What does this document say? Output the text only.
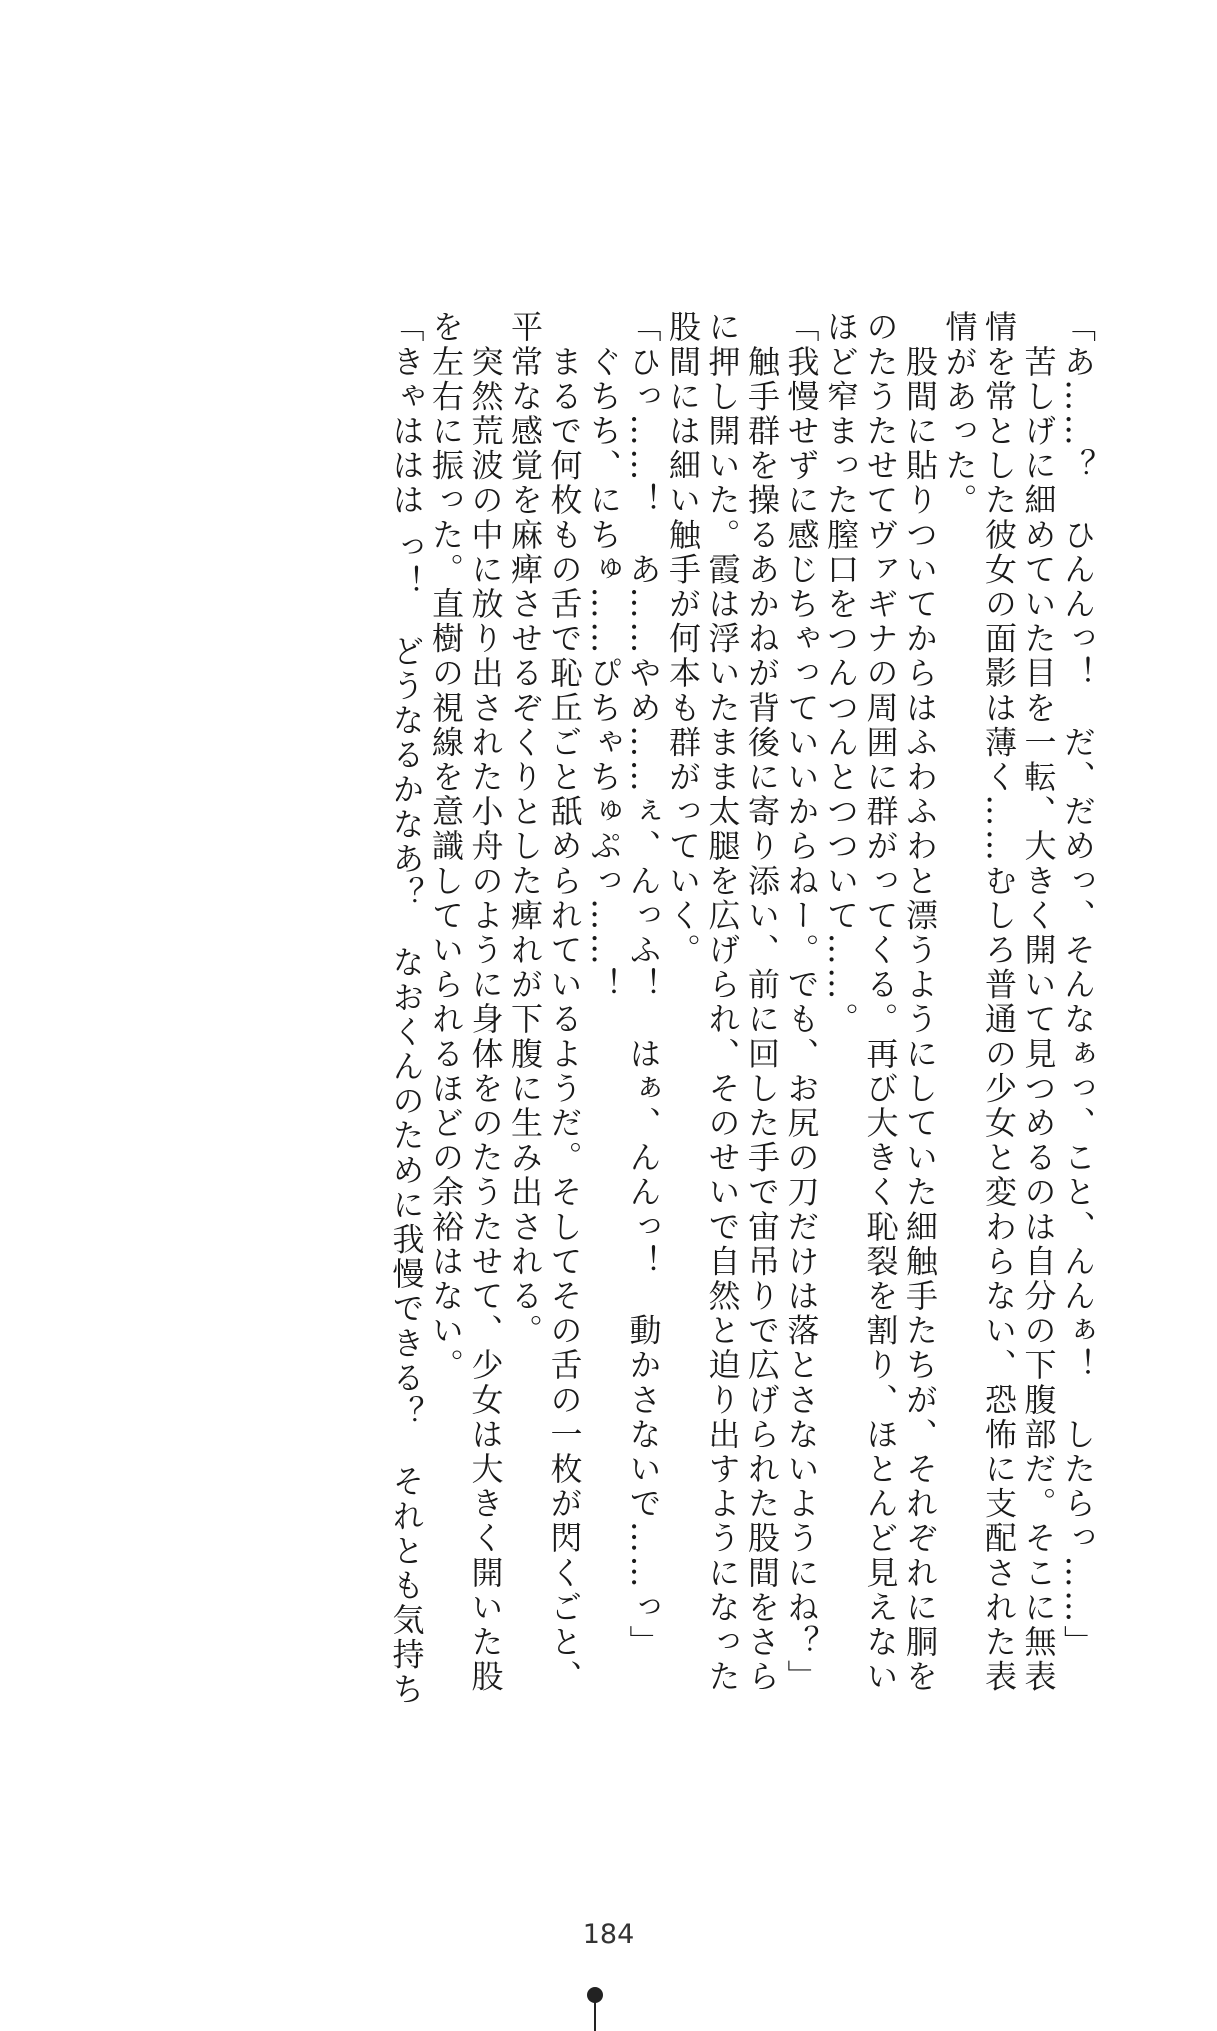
「あ……？　ひんんっ！　だ、だめっ、そんなぁっ、こと、んんぁ！　したらっ……」
　苦しげに細めていた目を一転、大きく開いて見つめるのは自分の下腹部だ。そこに無表
情を常とした彼女の面影は薄く……むしろ普通の少女と変わらない、恐怖に支配された表
情があった。
　股間に貼りついてからはふわふわと漂うようにしていた細触手たちが、それぞれに胴を
のたうたせてヴァギナの周囲に群がってくる。再び大きく恥裂を割り、ほとんど見えない
ほど窄まった膣口をつんつんとつついて……。
「我慢せずに感じちゃっていいからねー。でも、お尻の刀だけは落とさないようにね？」
　触手群を操るあかねが背後に寄り添い、前に回した手で宙吊りで広げられた股間をさら
に押し開いた。霞は浮いたまま太腿を広げられ、そのせいで自然と迫り出すようになった
股間には細い触手が何本も群がっていく。
「ひっ……！　あ……やめ……ぇ、んっふ！　はぁ、んんっ！　動かさないで……っ」
　ぐちち、にちゅ……ぴちゃちゅぷっ……！
　まるで何枚もの舌で恥丘ごと舐められているようだ。そしてその舌の一枚が閃くごと、
平常な感覚を麻痺させるぞくりとした痺れが下腹に生み出される。
　突然荒波の中に放り出された小舟のように身体をのたうたせて、少女は大きく開いた股
を左右に振った。直樹の視線を意識していられるほどの余裕はない。
「きゃははは っ！　どうなるかなあ？　なおくんのために我慢できる？　それとも気持ち
184
